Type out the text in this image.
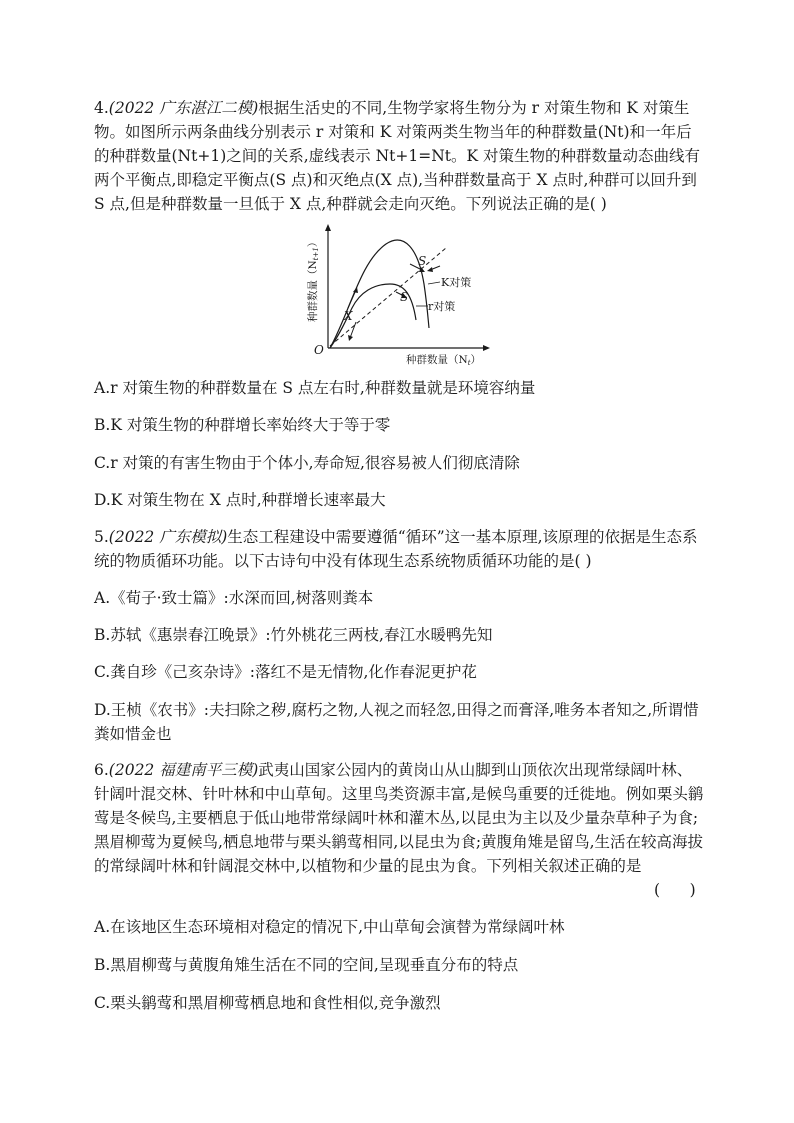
4.(2022 广东湛江二模)根据生活史的不同,生物学家将生物分为 r 对策生物和 K 对策生物。如图所示两条曲线分别表示 r 对策和 K 对策两类生物当年的种群数量(Nt)和一年后的种群数量(Nt+1)之间的关系,虚线表示 Nt+1=Nt。K 对策生物的种群数量动态曲线有两个平衡点,即稳定平衡点(S 点)和灭绝点(X 点),当种群数量高于 X 点时,种群可以回升到 S 点,但是种群数量一旦低于 X 点,种群就会走向灭绝。下列说法正确的是( )

O
S
S
X
K对策
r对策
种群数量（Nt）
种群数量（Nt+1）

A.r 对策生物的种群数量在 S 点左右时,种群数量就是环境容纳量

B.K 对策生物的种群增长率始终大于等于零

C.r 对策的有害生物由于个体小,寿命短,很容易被人们彻底清除

D.K 对策生物在 X 点时,种群增长速率最大

5.(2022 广东模拟)生态工程建设中需要遵循“循环”这一基本原理,该原理的依据是生态系统的物质循环功能。以下古诗句中没有体现生态系统物质循环功能的是( )

A.《荀子·致士篇》:水深而回,树落则粪本

B.苏轼《惠崇春江晚景》:竹外桃花三两枝,春江水暖鸭先知

C.龚自珍《己亥杂诗》:落红不是无情物,化作春泥更护花

D.王桢《农书》:夫扫除之秽,腐朽之物,人视之而轻忽,田得之而膏泽,唯务本者知之,所谓惜粪如惜金也

6.(2022 福建南平三模)武夷山国家公园内的黄岗山从山脚到山顶依次出现常绿阔叶林、针阔叶混交林、针叶林和中山草甸。这里鸟类资源丰富,是候鸟重要的迁徙地。例如栗头鹟莺是冬候鸟,主要栖息于低山地带常绿阔叶林和灌木丛,以昆虫为主以及少量杂草种子为食;黑眉柳莺为夏候鸟,栖息地带与栗头鹟莺相同,以昆虫为食;黄腹角雉是留鸟,生活在较高海拔的常绿阔叶林和针阔混交林中,以植物和少量的昆虫为食。下列相关叙述正确的是

(      )

A.在该地区生态环境相对稳定的情况下,中山草甸会演替为常绿阔叶林

B.黑眉柳莺与黄腹角雉生活在不同的空间,呈现垂直分布的特点

C.栗头鹟莺和黑眉柳莺栖息地和食性相似,竞争激烈
